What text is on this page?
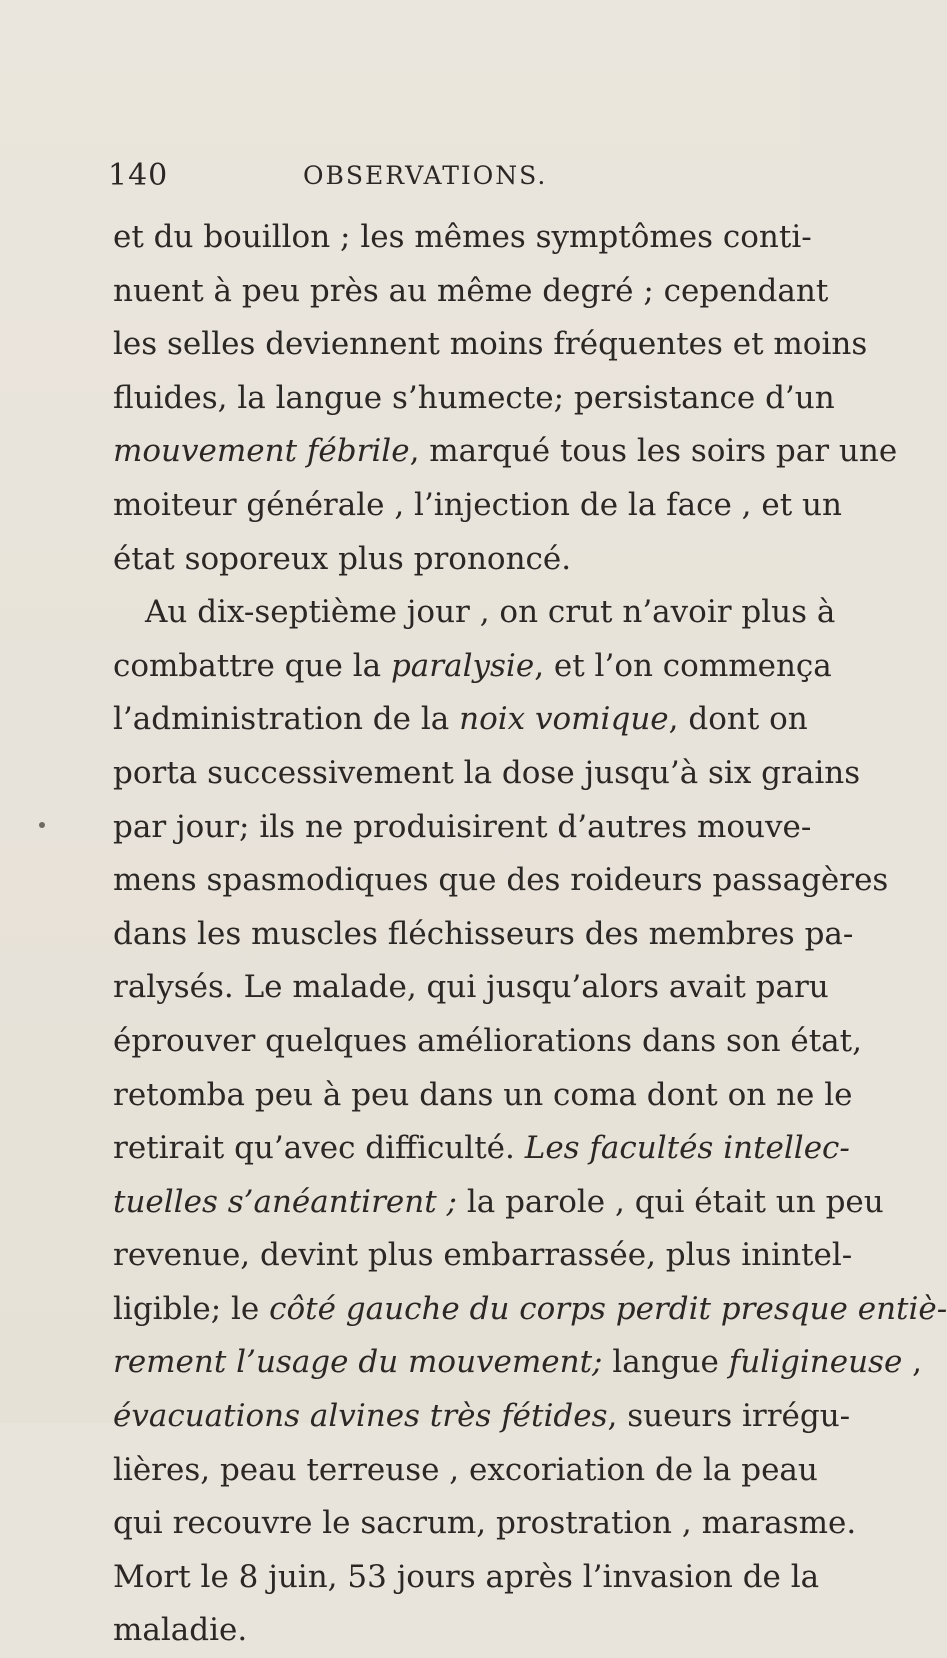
140	OBSERVATIONS.
et du bouillon ; les mêmes symptômes conti-
nuent à peu près au même degré ; cependant
les selles deviennent moins fréquentes et moins
fluides, la langue s’humecte; persistance d’un
mouvement fébrile, marqué tous les soirs par une
moiteur générale , l’injection de la face , et un
état soporeux plus prononcé.
Au dix-septième jour , on crut n’avoir plus à
combattre que la paralysie, et l’on commença
l’administration de la noix vomique, dont on
porta successivement la dose jusqu’à six grains
par jour; ils ne produisirent d’autres mouve-
mens spasmodiques que des roideurs passagères
dans les muscles fléchisseurs des membres pa-
ralysés. Le malade, qui jusqu’alors avait paru
éprouver quelques améliorations dans son état,
retomba peu à peu dans un coma dont on ne le
retirait qu’avec difficulté. Les facultés intellec-
tuelles s’anéantirent ; la parole , qui était un peu
revenue, devint plus embarrassée, plus inintel-
ligible; le côté gauche du corps perdit presque entiè-
rement l’usage du mouvement; langue fuligineuse ,
évacuations alvines très fétides, sueurs irrégu-
lières, peau terreuse , excoriation de la peau
qui recouvre le sacrum, prostration , marasme.
Mort le 8 juin, 53 jours après l’invasion de la
maladie.
